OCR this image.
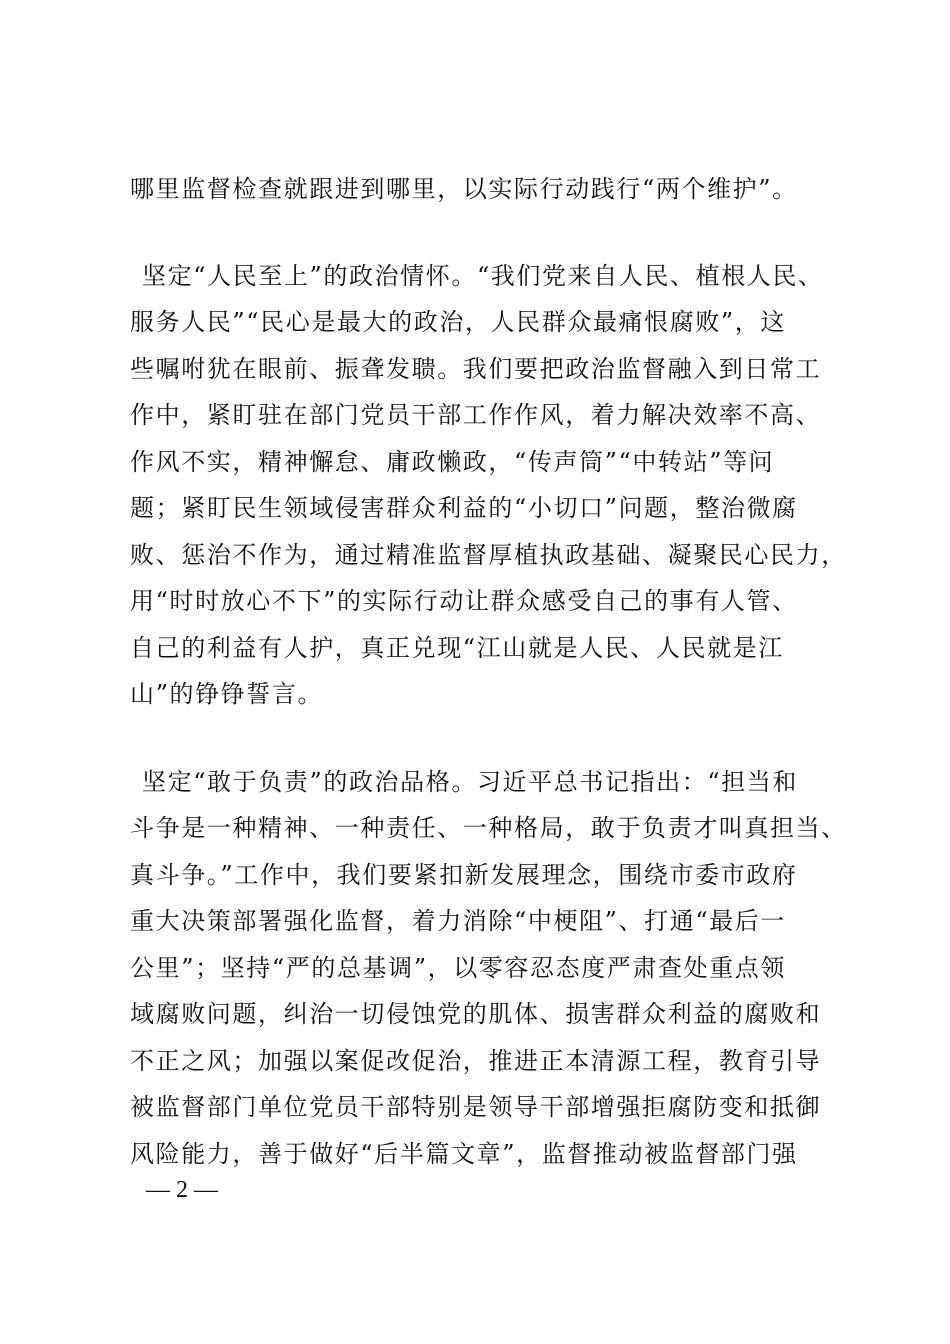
哪里监督检查就跟进到哪里，以实际行动践行“两个维护”。
坚定“人民至上”的政治情怀。“我们党来自人民、植根人民、
服务人民”“民心是最大的政治，人民群众最痛恨腐败”，这
些嘱咐犹在眼前、振聋发聩。我们要把政治监督融入到日常工
作中，紧盯驻在部门党员干部工作作风，着力解决效率不高、
作风不实，精神懈怠、庸政懒政，“传声筒”“中转站”等问
题；紧盯民生领域侵害群众利益的“小切口”问题，整治微腐
败、惩治不作为，通过精准监督厚植执政基础、凝聚民心民力，
用“时时放心不下”的实际行动让群众感受自己的事有人管、
自己的利益有人护，真正兑现“江山就是人民、人民就是江
山”的铮铮誓言。
坚定“敢于负责”的政治品格。习近平总书记指出：“担当和
斗争是一种精神、一种责任、一种格局，敢于负责才叫真担当、
真斗争。”工作中，我们要紧扣新发展理念，围绕市委市政府
重大决策部署强化监督，着力消除“中梗阻”、打通“最后一
公里”；坚持“严的总基调”，以零容忍态度严肃查处重点领
域腐败问题，纠治一切侵蚀党的肌体、损害群众利益的腐败和
不正之风；加强以案促改促治，推进正本清源工程，教育引导
被监督部门单位党员干部特别是领导干部增强拒腐防变和抵御
风险能力，善于做好“后半篇文章”，监督推动被监督部门强
— 2 —
